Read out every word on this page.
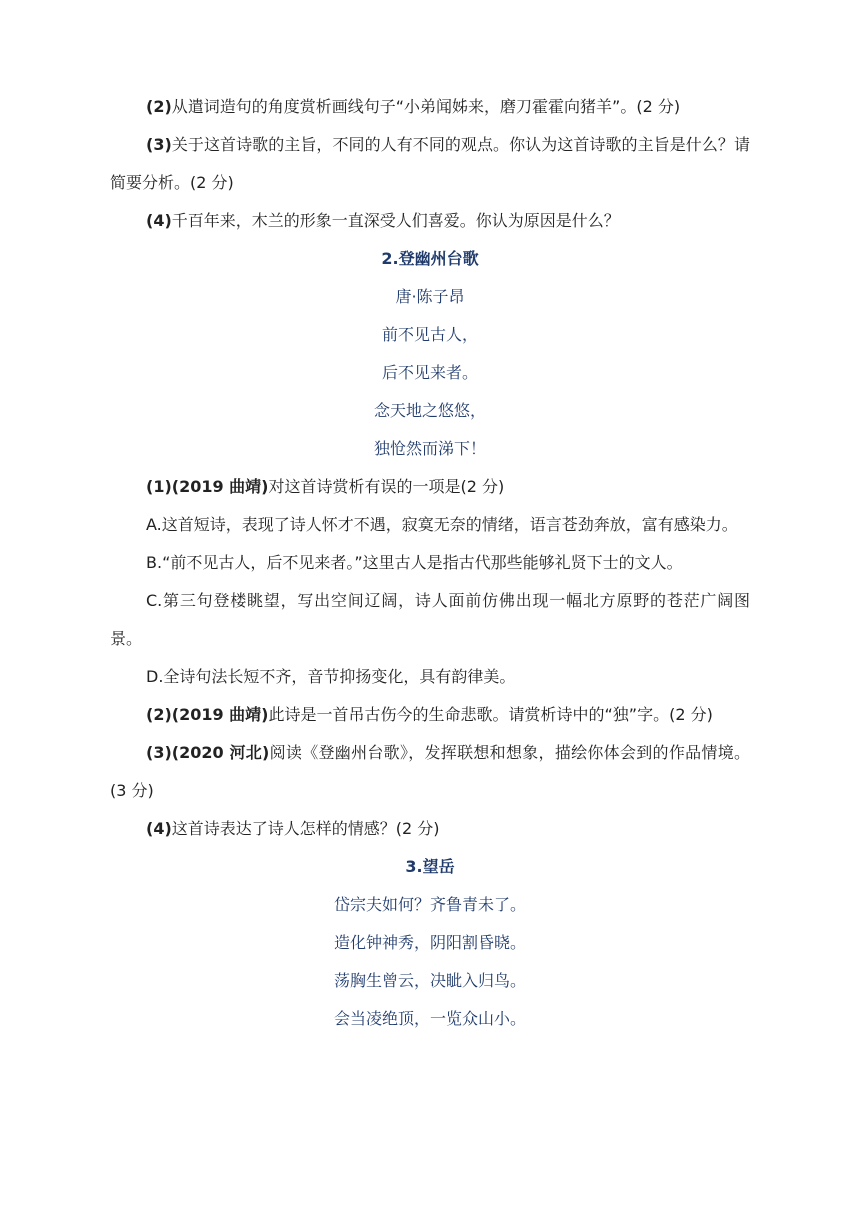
(2)从遣词造句的角度赏析画线句子“小弟闻姊来，磨刀霍霍向猪羊”。(2 分)

(3)关于这首诗歌的主旨，不同的人有不同的观点。你认为这首诗歌的主旨是什么？请简要分析。(2 分)

(4)千百年来，木兰的形象一直深受人们喜爱。你认为原因是什么？

2.登幽州台歌

唐·陈子昂

前不见古人，

后不见来者。

念天地之悠悠，

独怆然而涕下！

(1)(2019 曲靖)对这首诗赏析有误的一项是(2 分)

A.这首短诗，表现了诗人怀才不遇，寂寞无奈的情绪，语言苍劲奔放，富有感染力。

B.“前不见古人，后不见来者。”这里古人是指古代那些能够礼贤下士的文人。

C.第三句登楼眺望，写出空间辽阔，诗人面前仿佛出现一幅北方原野的苍茫广阔图景。

D.全诗句法长短不齐，音节抑扬变化，具有韵律美。

(2)(2019 曲靖)此诗是一首吊古伤今的生命悲歌。请赏析诗中的“独”字。(2 分)

(3)(2020 河北)阅读《登幽州台歌》，发挥联想和想象，描绘你体会到的作品情境。(3 分)

(4)这首诗表达了诗人怎样的情感？(2 分)

3.望岳

岱宗夫如何？齐鲁青未了。

造化钟神秀，阴阳割昏晓。

荡胸生曾云，决眦入归鸟。

会当凌绝顶，一览众山小。
